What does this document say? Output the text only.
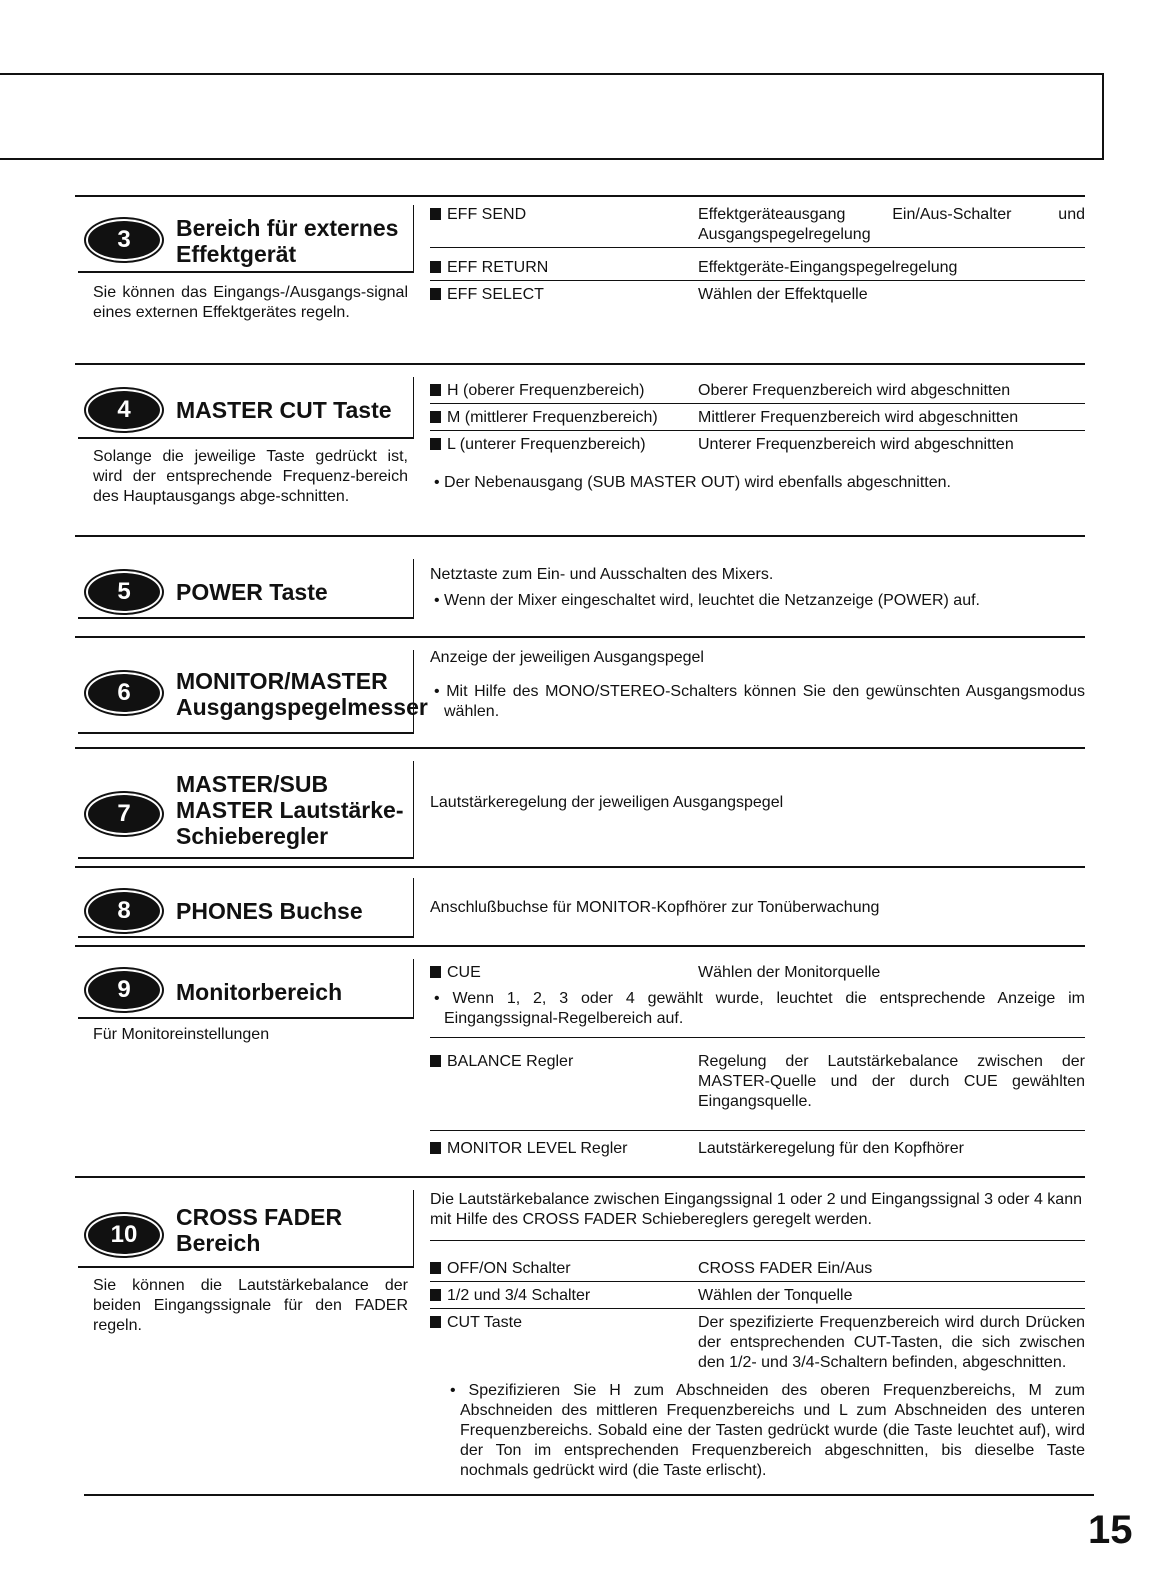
3	Bereich für externes Effektgerät
Sie können das Eingangs-/Ausgangs-signal eines externen Effektgerätes regeln.
EFF SEND	Effektgeräteausgang Ein/Aus-Schalter und Ausgangspegelregelung
EFF RETURN	Effektgeräte-Eingangspegelregelung
EFF SELECT	Wählen der Effektquelle
4	MASTER CUT Taste
Solange die jeweilige Taste gedrückt ist, wird der entsprechende Frequenz-bereich des Hauptausgangs abge-schnitten.
H (oberer Frequenzbereich)	Oberer Frequenzbereich wird abgeschnitten
M (mittlerer Frequenzbereich)	Mittlerer Frequenzbereich wird abgeschnitten
L (unterer Frequenzbereich)	Unterer Frequenzbereich wird abgeschnitten

• Der Nebenausgang (SUB MASTER OUT) wird ebenfalls abgeschnitten.

5	POWER Taste

Netztaste zum Ein- und Ausschalten des Mixers.

• Wenn der Mixer eingeschaltet wird, leuchtet die Netzanzeige (POWER) auf.

6	MONITOR/MASTER Ausgangspegelmesser

Anzeige der jeweiligen Ausgangspegel

• Mit Hilfe des MONO/STEREO-Schalters können Sie den gewünschten Ausgangsmodus wählen.

7
MASTER/SUB MASTER Lautstärke-Schieberegler

Lautstärkeregelung der jeweiligen Ausgangspegel

8	PHONES Buchse	Anschlußbuchse für MONITOR-Kopfhörer zur Tonüberwachung

9	Monitorbereich
Für Monitoreinstellungen
CUE	Wählen der Monitorquelle

• Wenn 1, 2, 3 oder 4 gewählt wurde, leuchtet die entsprechende Anzeige im Eingangssignal-Regelbereich auf.

BALANCE Regler	Regelung der Lautstärkebalance zwischen der MASTER-Quelle und der durch CUE gewählten Eingangsquelle.
MONITOR LEVEL Regler	Lautstärkeregelung für den Kopfhörer
10
CROSS FADER Bereich
Sie können die Lautstärkebalance der beiden Eingangssignale für den FADER regeln.

Die Lautstärkebalance zwischen Eingangssignal 1 oder 2 und Eingangssignal 3 oder 4 kann mit Hilfe des CROSS FADER Schiebereglers geregelt werden.

OFF/ON Schalter	CROSS FADER Ein/Aus
1/2 und 3/4 Schalter	Wählen der Tonquelle
CUT Taste	Der spezifizierte Frequenzbereich wird durch Drücken der entsprechenden CUT-Tasten, die sich zwischen den 1/2- und 3/4-Schaltern befinden, abgeschnitten.

• Spezifizieren Sie H zum Abschneiden des oberen Frequenzbereichs, M zum Abschneiden des mittleren Frequenzbereichs und L zum Abschneiden des unteren Frequenzbereichs. Sobald eine der Tasten gedrückt wurde (die Taste leuchtet auf), wird der Ton im entsprechenden Frequenzbereich abgeschnitten, bis dieselbe Taste nochmals gedrückt wird (die Taste erlischt).

15
